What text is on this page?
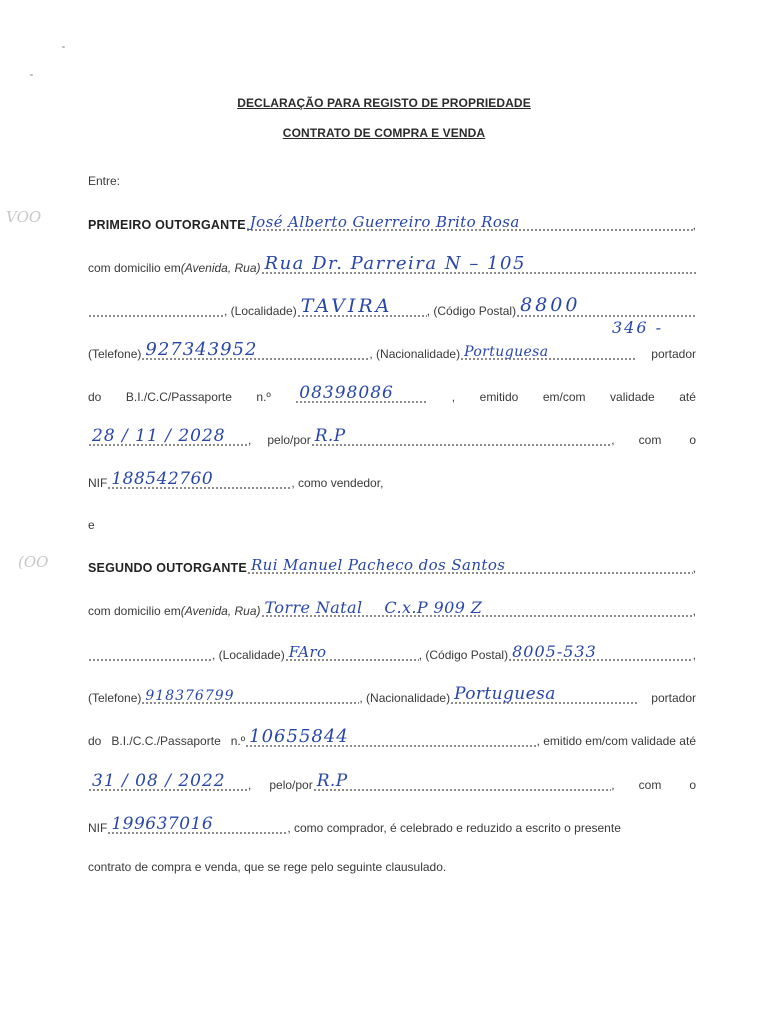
VOO
(OO
DECLARAÇÃO PARA REGISTO DE PROPRIEDADE
CONTRATO DE COMPRA E VENDA
Entre:
PRIMEIRO OUTORGANTE José Alberto Guerreiro Brito Rosa	,
com domicilio em (Avenida, Rua) Rua Dr. Parreira N – 105
346 -
, (Localidade) TAVIRA	, (Código Postal) 8800
(Telefone) 927343952	, (Nacionalidade) Portuguesa	portador
do B.I./C.C/Passaporte n.º 08398086	, emitido em/com validade até
28 / 11 / 2028 , pelo/por R.P	, com o
NIF 188542760	, como vendedor,
e
SEGUNDO OUTORGANTE Rui Manuel Pacheco dos Santos	,
com domicilio em (Avenida, Rua) Torre Natal    C.x.P 909 Z	,
, (Localidade) FAro	, (Código Postal) 8005-533	,
(Telefone) 918376799	, (Nacionalidade) Portuguesa	portador
do B.I./C.C./Passaporte n.º 10655844	, emitido em/com validade até
31 / 08 / 2022 , pelo/por R.P	, com o
NIF 199637016	, como comprador, é celebrado e reduzido a escrito o presente
contrato de compra e venda, que se rege pelo seguinte clausulado.
